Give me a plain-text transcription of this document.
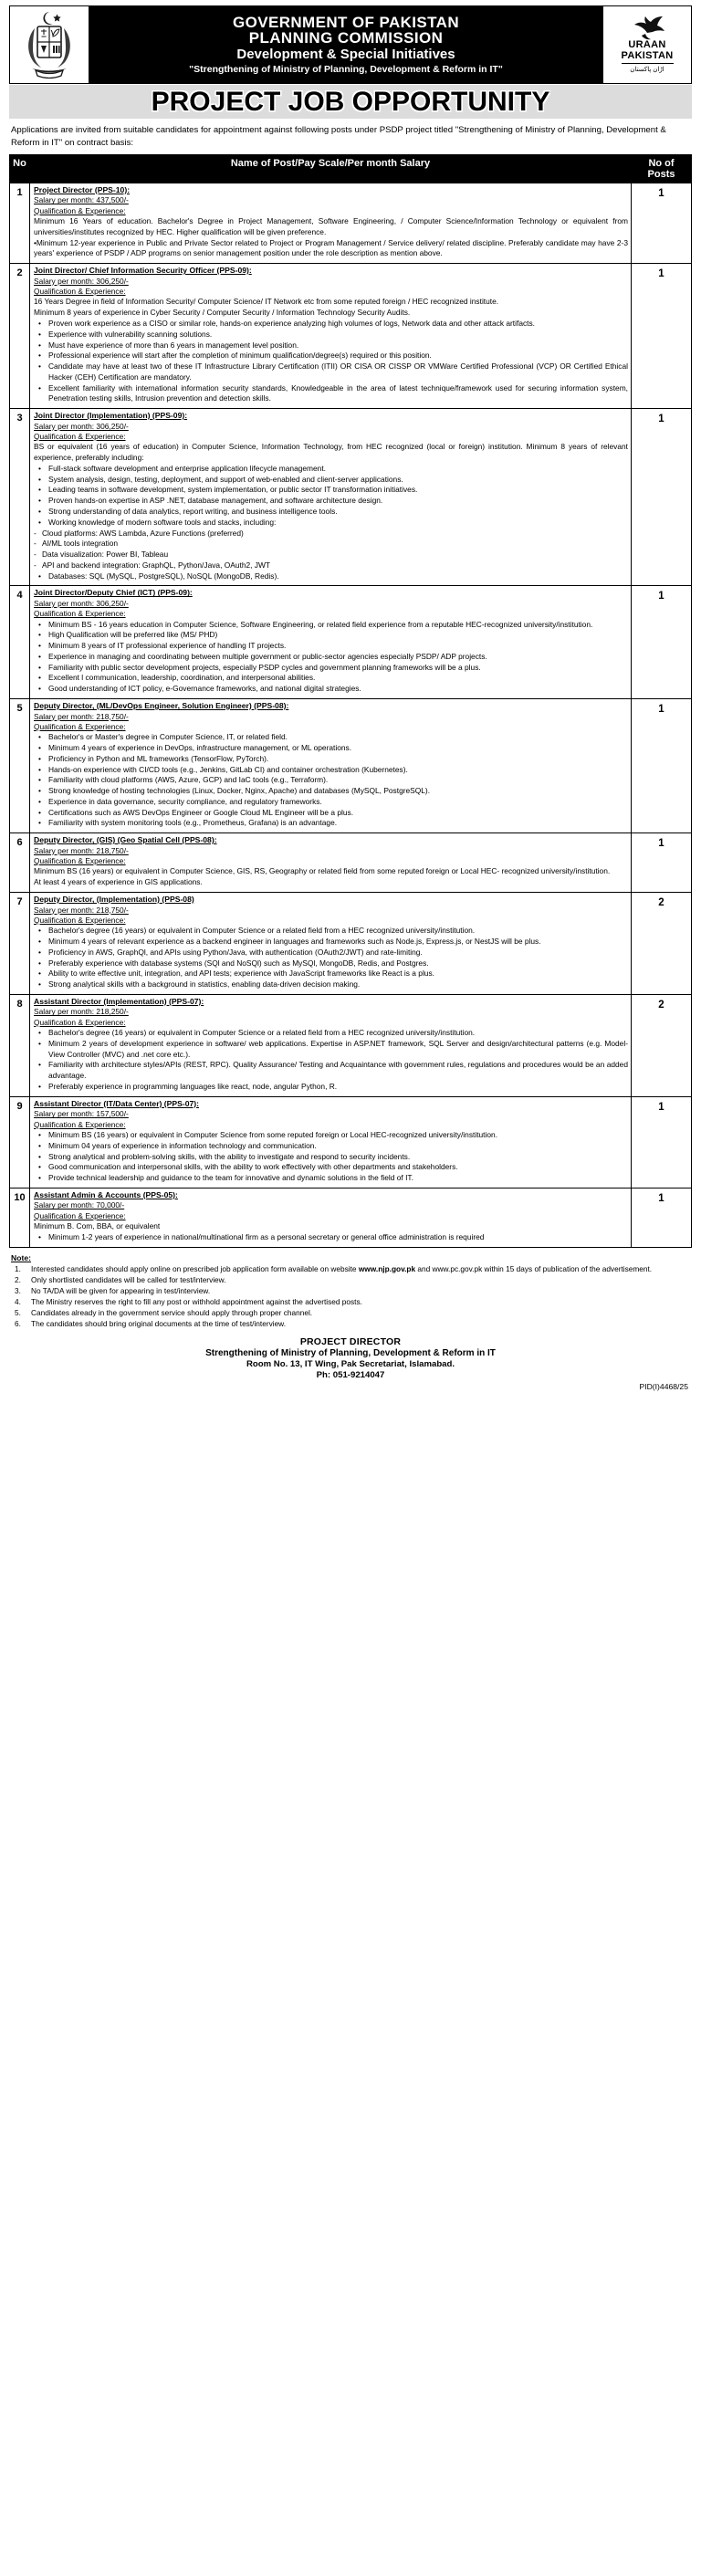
GOVERNMENT OF PAKISTAN
PLANNING COMMISSION
Development & Special Initiatives
"Strengthening of Ministry of Planning, Development & Reform in IT"
URAAN
PAKISTAN
اڑان پاکستان
PROJECT JOB OPPORTUNITY
Applications are invited from suitable candidates for appointment against following posts under PSDP project titled "Strengthening of Ministry of Planning, Development & Reform in IT" on contract basis:
No	Name of Post/Pay Scale/Per month Salary	No of Posts
1	Project Director (PPS-10):
Salary per month: 437,500/-
Qualification & Experience:
Minimum 16 Years of education. Bachelor's Degree in Project Management, Software Engineering, / Computer Science/Information Technology or equivalent from universities/institutes recognized by HEC. Higher qualification will be given preference.
•Minimum 12-year experience in Public and Private Sector related to Project or Program Management / Service delivery/ related discipline. Preferably candidate may have 2-3 years' experience of PSDP / ADP programs on senior management position under the role description as mention above.	1
2	Joint Director/ Chief Information Security Officer (PPS-09):
Salary per month: 306,250/-
Qualification & Experience:
16 Years Degree in field of Information Security/ Computer Science/ IT Network etc from some reputed foreign / HEC recognized institute.
Minimum 8 years of experience in Cyber Security / Computer Security / Information Technology Security Audits.
• Proven work experience as a CISO or similar role, hands-on experience analyzing high volumes of logs, Network data and other attack artifacts.
• Experience with vulnerability scanning solutions.
• Must have experience of more than 6 years in management level position.
• Professional experience will start after the completion of minimum qualification/degree(s) required or this position.
• Candidate may have at least two of these IT Infrastructure Library Certification (ITII) OR CISA OR CISSP OR VMWare Certified Professional (VCP) OR Certified Ethical Hacker (CEH) Certification are mandatory.
• Excellent familiarity with international information security standards, Knowledgeable in the area of latest technique/framework used for securing information system, Penetration testing skills, Intrusion prevention and detection skills.
	1
3	Joint Director (Implementation) (PPS-09):
Salary per month: 306,250/-
Qualification & Experience:
BS or equivalent (16 years of education) in Computer Science, Information Technology, from HEC recognized (local or foreign) institution. Minimum 8 years of relevant experience, preferably including:
• Full-stack software development and enterprise application lifecycle management.
• System analysis, design, testing, deployment, and support of web-enabled and client-server applications.
• Leading teams in software development, system implementation, or public sector IT transformation initiatives.
• Proven hands-on expertise in ASP .NET, database management, and software architecture design.
• Strong understanding of data analytics, report writing, and business intelligence tools.
• Working knowledge of modern software tools and stacks, including:
- Cloud platforms: AWS Lambda, Azure Functions (preferred)
- AI/ML tools integration
- Data visualization: Power BI, Tableau
- API and backend integration: GraphQL, Python/Java, OAuth2, JWT
• Databases: SQL (MySQL, PostgreSQL), NoSQL (MongoDB, Redis).
	1
4	Joint Director/Deputy Chief (ICT) (PPS-09):
Salary per month: 306,250/-
Qualification & Experience:
• Minimum BS - 16 years education in Computer Science, Software Engineering, or related field experience from a reputable HEC-recognized university/institution.
• High Qualification will be preferred like (MS/ PHD)
• Minimum 8 years of IT professional experience of handling IT projects.
• Experience in managing and coordinating between multiple government or public-sector agencies especially PSDP/ ADP projects.
• Familiarity with public sector development projects, especially PSDP cycles and government planning frameworks will be a plus.
• Excellent l communication, leadership, coordination, and interpersonal abilities.
• Good understanding of ICT policy, e-Governance frameworks, and national digital strategies.
	1
5	Deputy Director, (ML/DevOps Engineer, Solution Engineer) (PPS-08):
Salary per month: 218,750/-
Qualification & Experience:
• Bachelor's or Master's degree in Computer Science, IT, or related field.
• Minimum 4 years of experience in DevOps, infrastructure management, or ML operations.
• Proficiency in Python and ML frameworks (TensorFlow, PyTorch).
• Hands-on experience with CI/CD tools (e.g., Jenkins, GitLab CI) and container orchestration (Kubernetes).
• Familiarity with cloud platforms (AWS, Azure, GCP) and IaC tools (e.g., Terraform).
• Strong knowledge of hosting technologies (Linux, Docker, Nginx, Apache) and databases (MySQL, PostgreSQL).
• Experience in data governance, security compliance, and regulatory frameworks.
• Certifications such as AWS DevOps Engineer or Google Cloud ML Engineer will be a plus.
• Familiarity with system monitoring tools (e.g., Prometheus, Grafana) is an advantage.
	1
6	Deputy Director, (GIS) (Geo Spatial Cell (PPS-08):
Salary per month: 218,750/-
Qualification & Experience:
Minimum BS (16 years) or equivalent in Computer Science, GIS, RS, Geography or related field from some reputed foreign or Local HEC- recognized university/institution.
At least 4 years of experience in GIS applications.	1
7	Deputy Director, (Implementation) (PPS-08)
Salary per month: 218,750/-
Qualification & Experience:
• Bachelor's degree (16 years) or equivalent in Computer Science or a related field from a HEC recognized university/institution.
• Minimum 4 years of relevant experience as a backend engineer in languages and frameworks such as Node.js, Express.js, or NestJS will be plus.
• Proficiency in AWS, GraphQl, and APIs using Python/Java, with authentication (OAuth2/JWT) and rate-limiting.
• Preferably experience with database systems (SQl and NoSQl) such as MySQl, MongoDB, Redis, and Postgres.
• Ability to write effective unit, integration, and API tests; experience with JavaScript frameworks like React is a plus.
• Strong analytical skills with a background in statistics, enabling data-driven decision making.
	2
8	Assistant Director (Implementation) (PPS-07):
Salary per month: 218,250/-
Qualification & Experience:
• Bachelor's degree (16 years) or equivalent in Computer Science or a related field from a HEC recognized university/institution.
• Minimum 2 years of development experience in software/ web applications. Expertise in ASP.NET framework, SQL Server and design/architectural patterns (e.g. Model-View Controller (MVC) and .net core etc.).
• Familiarity with architecture styles/APIs (REST, RPC). Quality Assurance/ Testing and Acquaintance with government rules, regulations and procedures would be an added advantage.
• Preferably experience in programming languages like react, node, angular Python, R.
	2
9	Assistant Director (IT/Data Center) (PPS-07):
Salary per month: 157,500/-
Qualification & Experience:
• Minimum BS (16 years) or equivalent in Computer Science from some reputed foreign or Local HEC-recognized university/institution.
• Minimum 04 years of experience in information technology and communication.
• Strong analytical and problem-solving skills, with the ability to investigate and respond to security incidents.
• Good communication and interpersonal skills, with the ability to work effectively with other departments and stakeholders.
• Provide technical leadership and guidance to the team for innovative and dynamic solutions in the field of IT.
	1
10	Assistant Admin & Accounts (PPS-05):
Salary per month: 70,000/-
Qualification & Experience:
Minimum B. Com, BBA, or equivalent
• Minimum 1-2 years of experience in national/multinational firm as a personal secretary or general office administration is required
	1
Note:
1. Interested candidates should apply online on prescribed job application form available on website www.njp.gov.pk and www.pc.gov.pk within 15 days of publication of the advertisement.
2. Only shortlisted candidates will be called for test/interview.
3. No TA/DA will be given for appearing in test/interview.
4. The Ministry reserves the right to fill any post or withhold appointment against the advertised posts.
5. Candidates already in the government service should apply through proper channel.
6. The candidates should bring original documents at the time of test/interview.
PROJECT DIRECTOR
Strengthening of Ministry of Planning, Development & Reform in IT
Room No. 13, IT Wing, Pak Secretariat, Islamabad.
Ph: 051-9214047
PID(I)4468/25
